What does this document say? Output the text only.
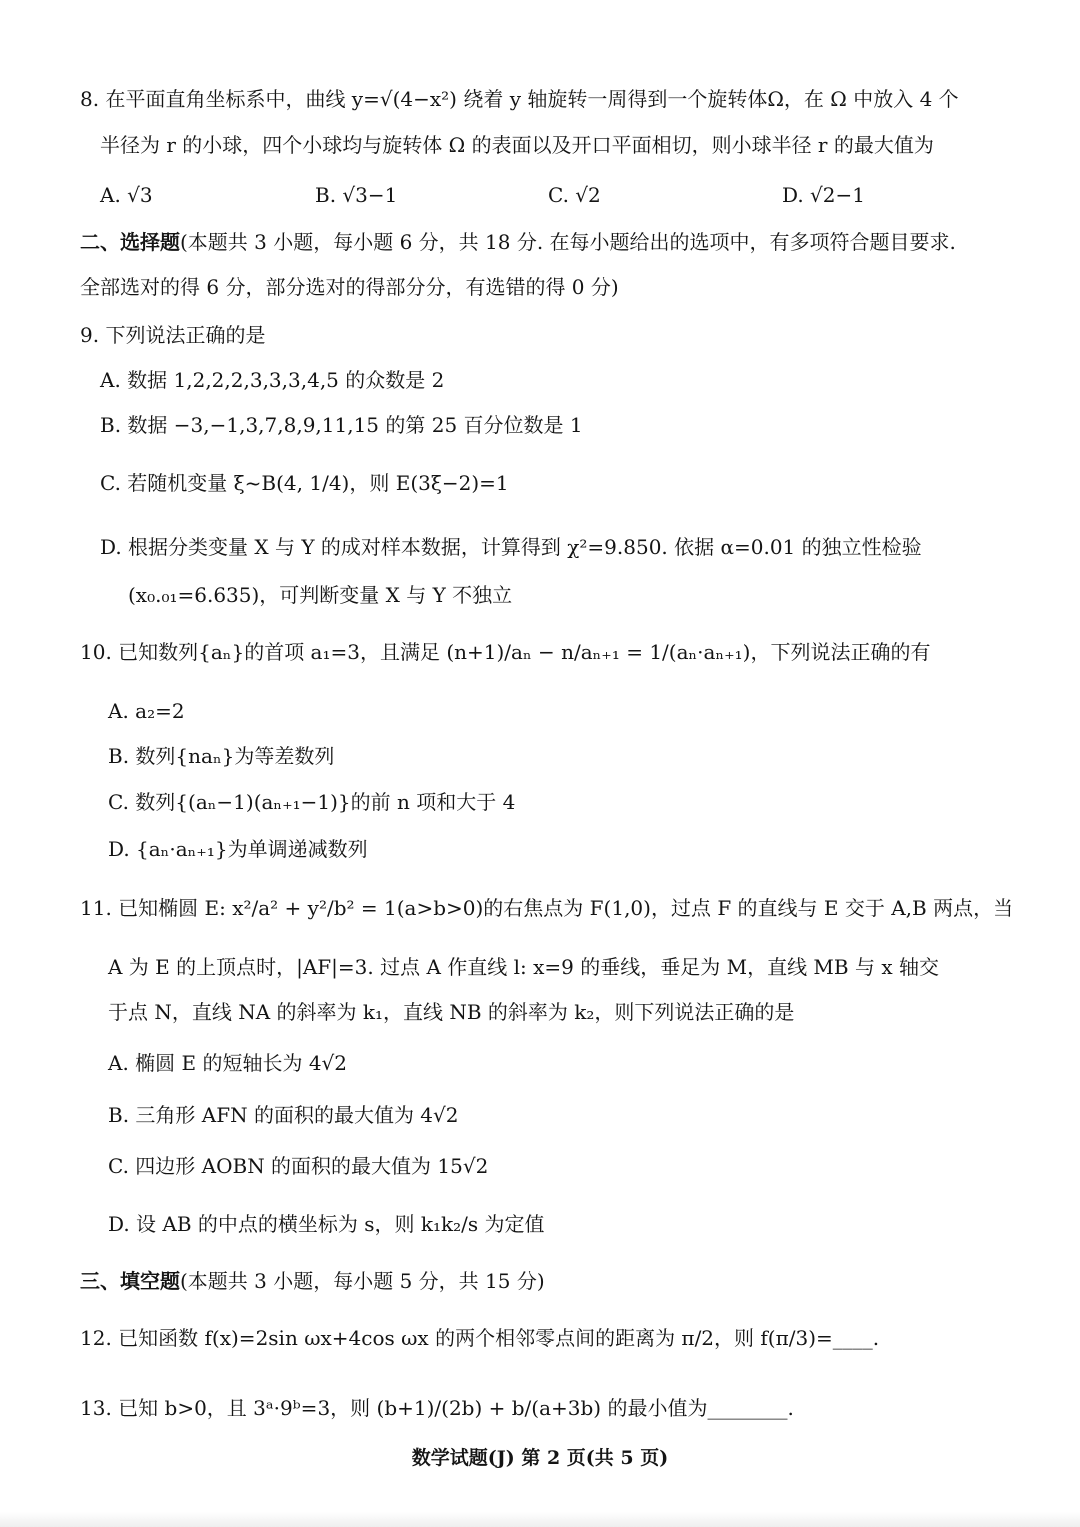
8. 在平面直角坐标系中，曲线 y=√(4−x²) 绕着 y 轴旋转一周得到一个旋转体Ω，在 Ω 中放入 4 个
半径为 r 的小球，四个小球均与旋转体 Ω 的表面以及开口平面相切，则小球半径 r 的最大值为
A. √3	B. √3−1	C. √2	D. √2−1
二、选择题(本题共 3 小题，每小题 6 分，共 18 分. 在每小题给出的选项中，有多项符合题目要求.
全部选对的得 6 分，部分选对的得部分分，有选错的得 0 分)
9. 下列说法正确的是
A. 数据 1,2,2,2,3,3,3,4,5 的众数是 2
B. 数据 −3,−1,3,7,8,9,11,15 的第 25 百分位数是 1
C. 若随机变量 ξ~B(4, 1/4)，则 E(3ξ−2)=1
D. 根据分类变量 X 与 Y 的成对样本数据，计算得到 χ²=9.850. 依据 α=0.01 的独立性检验
(x₀.₀₁=6.635)，可判断变量 X 与 Y 不独立
10. 已知数列{aₙ}的首项 a₁=3，且满足 (n+1)/aₙ − n/aₙ₊₁ = 1/(aₙ·aₙ₊₁)，下列说法正确的有
A. a₂=2
B. 数列{naₙ}为等差数列
C. 数列{(aₙ−1)(aₙ₊₁−1)}的前 n 项和大于 4
D. {aₙ·aₙ₊₁}为单调递减数列
11. 已知椭圆 E: x²/a² + y²/b² = 1(a>b>0)的右焦点为 F(1,0)，过点 F 的直线与 E 交于 A,B 两点，当
A 为 E 的上顶点时，|AF|=3. 过点 A 作直线 l: x=9 的垂线，垂足为 M，直线 MB 与 x 轴交
于点 N，直线 NA 的斜率为 k₁，直线 NB 的斜率为 k₂，则下列说法正确的是
A. 椭圆 E 的短轴长为 4√2
B. 三角形 AFN 的面积的最大值为 4√2
C. 四边形 AOBN 的面积的最大值为 15√2
D. 设 AB 的中点的横坐标为 s，则 k₁k₂/s 为定值
三、填空题(本题共 3 小题，每小题 5 分，共 15 分)
12. 已知函数 f(x)=2sin ωx+4cos ωx 的两个相邻零点间的距离为 π/2，则 f(π/3)=____.
13. 已知 b>0，且 3ᵃ·9ᵇ=3，则 (b+1)/(2b) + b/(a+3b) 的最小值为________.
数学试题(J) 第 2 页(共 5 页)
